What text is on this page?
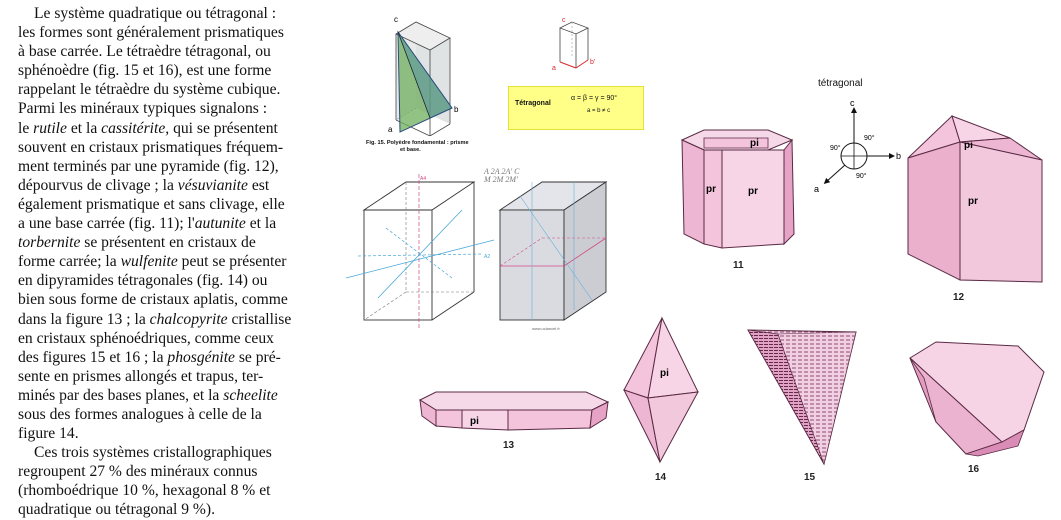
Le système quadratique ou tétragonal :
les formes sont généralement prismatiques
à base carrée. Le tétraèdre tétragonal, ou
sphénoèdre (fig. 15 et 16), est une forme
rappelant le tétraèdre du système cubique.
Parmi les minéraux typiques signalons :
le rutile et la cassitérite, qui se présentent
souvent en cristaux prismatiques fréquem-
ment terminés par une pyramide (fig. 12),
dépourvus de clivage ; la vésuvianite est
également prismatique et sans clivage, elle
a une base carrée (fig. 11); l'autunite et la
torbernite se présentent en cristaux de
forme carrée; la wulfenite peut se présenter
en dipyramides tétragonales (fig. 14) ou
bien sous forme de cristaux aplatis, comme
dans la figure 13 ; la chalcopyrite cristallise
en cristaux sphénoédriques, comme ceux
des figures 15 et 16 ; la phosgénite se pré-
sente en prismes allongés et trapus, ter-
minés par des bases planes, et la scheelite
sous des formes analogues à celle de la
figure 14.

Ces trois systèmes cristallographiques
regroupent 27 % des minéraux connus
(rhomboédrique 10 %, hexagonal 8 % et
quadratique ou tétragonal 9 %).

c
b
a
Fig. 15. Polyèdre fondamental : prisme
et base.
c
a
b'
Tétragonal
α = β = γ = 90°
a = b ≠ c
A4
A2
www.uclancel.fr
A 2A 2A' C
M 2M 2M'
tétragonal
c
b
a
90°
90°
90°
pi
pr	pr
11
pi
pr
12
pi
13
pi
14	15
16
